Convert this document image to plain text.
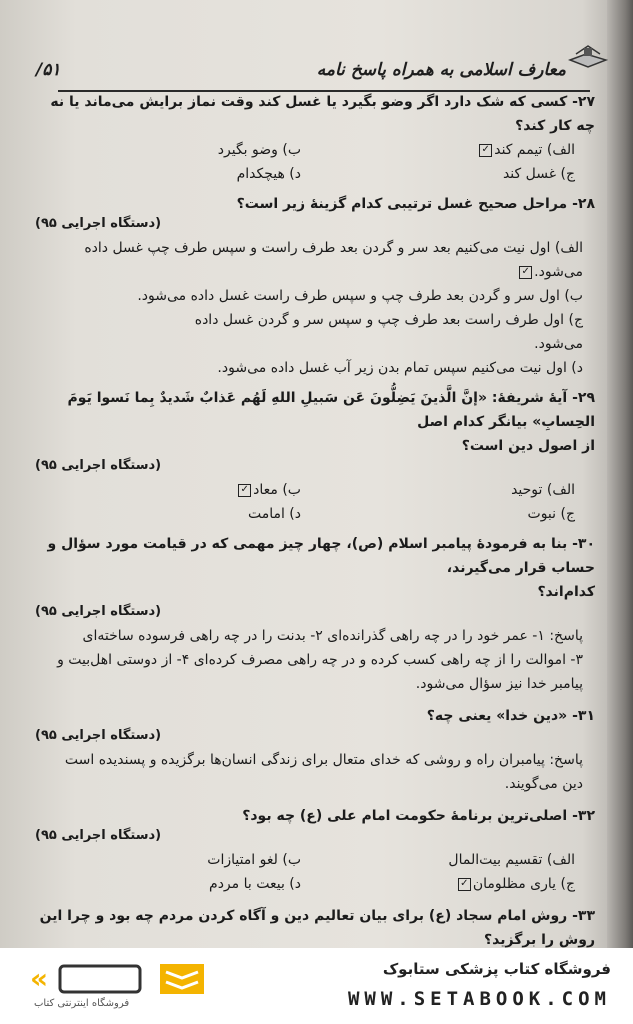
معارف اسلامی به همراه پاسخ نامه
۵۱/
۲۷- کسی که شک دارد اگر وضو بگیرد یا غسل کند وقت نماز برایش می‌ماند یا نه چه کار کند؟
الف) تیمم کند✓
ب) وضو بگیرد
ج) غسل کند
د) هیچکدام
۲۸- مراحل صحیح غسل ترتیبی کدام گزینهٔ زیر است؟
(دستگاه اجرایی ۹۵)
الف) اول نیت می‌کنیم بعد سر و گردن بعد طرف راست و سپس طرف چپ غسل داده
می‌شود.✓
ب) اول سر و گردن بعد طرف چپ و سپس طرف راست غسل داده می‌شود.
ج) اول طرف راست بعد طرف چپ و سپس سر و گردن غسل داده
می‌شود.
د) اول نیت می‌کنیم سپس تمام بدن زیر آب غسل داده می‌شود.
۲۹- آیهٔ شریفهٔ: «إنَّ الَّذینَ یَضِلُّونَ عَن سَبیلِ اللهِ لَهُم عَذابٌ شَدیدٌ بِما نَسوا یَومَ الحِسابِ» بیانگر کدام اصل
از اصول دین است؟
(دستگاه اجرایی ۹۵)
الف) توحید
ب) معاد✓
ج) نبوت
د) امامت
۳۰- بنا به فرمودهٔ پیامبر اسلام (ص)، چهار چیز مهمی که در قیامت مورد سؤال و حساب قرار می‌گیرند،
کدام‌اند؟
(دستگاه اجرایی ۹۵)
پاسخ: ۱- عمر خود را در چه راهی گذرانده‌ای ۲- بدنت را در چه راهی فرسوده ساخته‌ای
۳- اموالت را از چه راهی کسب کرده و در چه راهی مصرف کرده‌ای ۴- از دوستی اهل‌بیت و
پیامبر خدا نیز سؤال می‌شود.
۳۱- «دین خدا» یعنی چه؟
(دستگاه اجرایی ۹۵)
پاسخ: پیامبران راه و روشی که خدای متعال برای زندگی انسان‌ها برگزیده و پسندیده است
دین می‌گویند.
۳۲- اصلی‌ترین برنامهٔ حکومت امام علی (ع) چه بود؟
(دستگاه اجرایی ۹۵)
الف) تقسیم بیت‌المال
ب) لغو امتیازات
ج) یاری مظلومان✓
د) بیعت با مردم
۳۳- روش امام سجاد (ع) برای بیان تعالیم دین و آگاه کردن مردم چه بود و چرا این روش را برگزید؟
«
فروشگاه اینترنتی کتاب
فروشگاه کتاب پزشکی ستابوک
WWW.SETABOOK.COM
